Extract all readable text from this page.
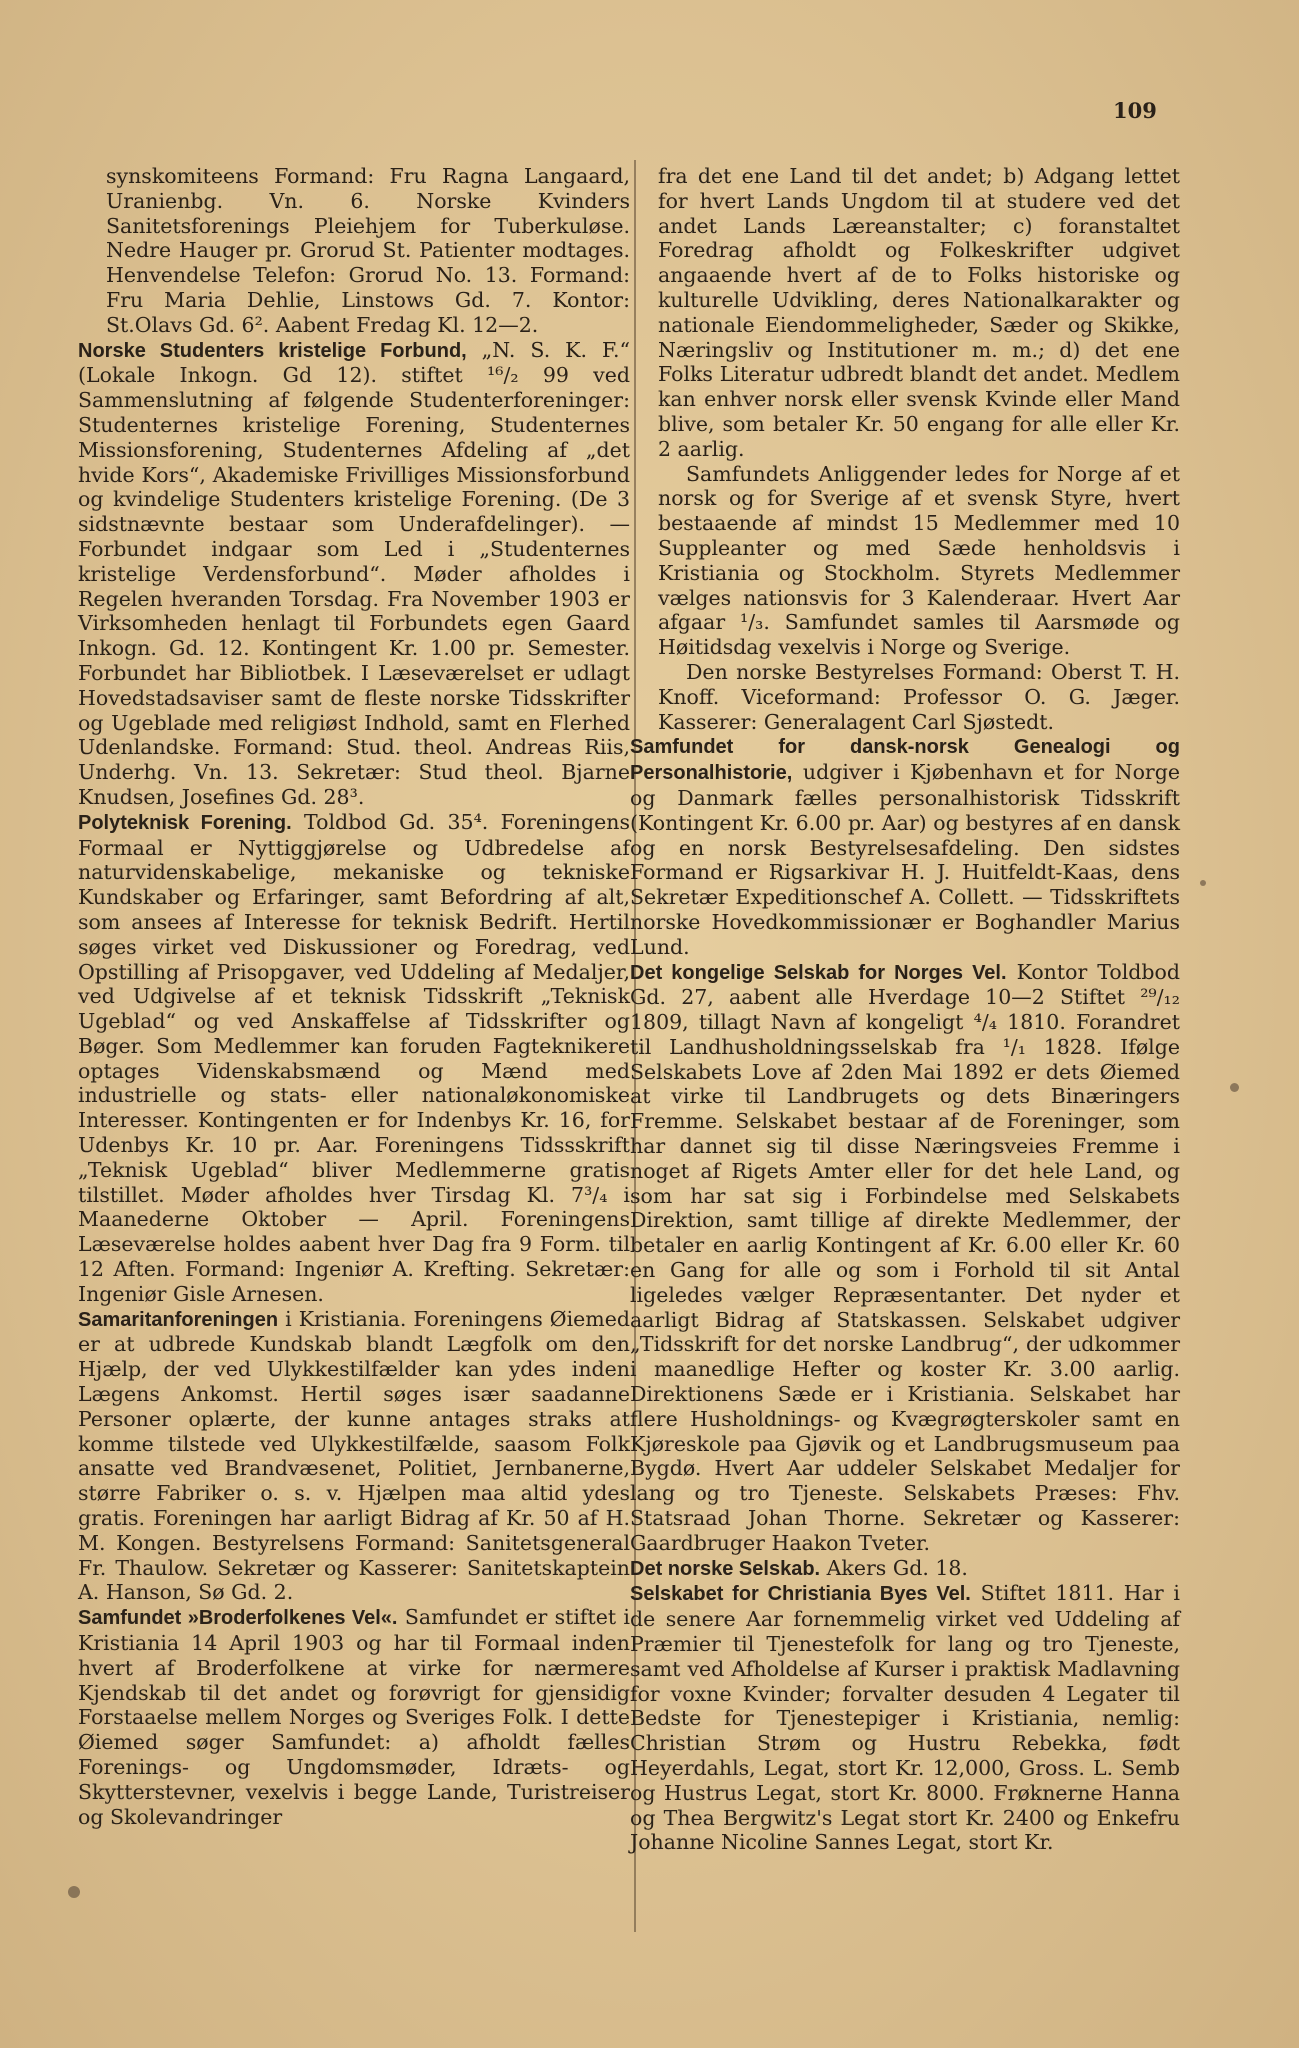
109

synskomiteens Formand: Fru Ragna Langaard, Uranienbg. Vn. 6. Norske Kvinders Sanitetsforenings Pleiehjem for Tuberkuløse. Nedre Hauger pr. Grorud St. Patienter modtages. Henvendelse Telefon: Grorud No. 13. Formand: Fru Maria Dehlie, Linstows Gd. 7. Kontor: St.Olavs Gd. 6². Aabent Fredag Kl. 12—2.

Norske Studenters kristelige Forbund, „N. S. K. F.“ (Lokale Inkogn. Gd 12). stiftet ¹⁶/₂ 99 ved Sammenslutning af følgende Studenterforeninger: Studenternes kristelige Forening, Studenternes Missionsforening, Studenternes Afdeling af „det hvide Kors“, Akademiske Frivilliges Missionsforbund og kvindelige Studenters kristelige Forening. (De 3 sidstnævnte bestaar som Underafdelinger). — Forbundet indgaar som Led i „Studenternes kristelige Verdensforbund“. Møder afholdes i Regelen hveranden Torsdag. Fra November 1903 er Virksomheden henlagt til Forbundets egen Gaard Inkogn. Gd. 12. Kontingent Kr. 1.00 pr. Semester. Forbundet har Bibliotbek. I Læseværelset er udlagt Hovedstadsaviser samt de fleste norske Tidsskrifter og Ugeblade med religiøst Indhold, samt en Flerhed Udenlandske. Formand: Stud. theol. Andreas Riis, Underhg. Vn. 13. Sekretær: Stud theol. Bjarne Knudsen, Josefines Gd. 28³.

Polyteknisk Forening. Toldbod Gd. 35⁴. Foreningens Formaal er Nyttiggjørelse og Udbredelse af naturvidenskabelige, mekaniske og tekniske Kundskaber og Erfaringer, samt Befordring af alt, som ansees af Interesse for teknisk Bedrift. Hertil søges virket ved Diskussioner og Foredrag, ved Opstilling af Prisopgaver, ved Uddeling af Medaljer, ved Udgivelse af et teknisk Tidsskrift „Teknisk Ugeblad“ og ved Anskaffelse af Tidsskrifter og Bøger. Som Medlemmer kan foruden Fagteknikere optages Videnskabsmænd og Mænd med industrielle og stats- eller nationaløkonomiske Interesser. Kontingenten er for Indenbys Kr. 16, for Udenbys Kr. 10 pr. Aar. Foreningens Tidssskrift „Teknisk Ugeblad“ bliver Medlemmerne gratis tilstillet. Møder afholdes hver Tirsdag Kl. 7³/₄ i Maanederne Oktober — April. Foreningens Læseværelse holdes aabent hver Dag fra 9 Form. til 12 Aften. Formand: Ingeniør A. Krefting. Sekretær: Ingeniør Gisle Arnesen.

Samaritanforeningen i Kristiania. Foreningens Øiemed er at udbrede Kundskab blandt Lægfolk om den Hjælp, der ved Ulykkestilfælder kan ydes inden Lægens Ankomst. Hertil søges især saadanne Personer oplærte, der kunne antages straks at komme tilstede ved Ulykkestilfælde, saasom Folk ansatte ved Brandvæsenet, Politiet, Jernbanerne, større Fabriker o. s. v. Hjælpen maa altid ydes gratis. Foreningen har aarligt Bidrag af Kr. 50 af H. M. Kongen. Bestyrelsens Formand: Sanitetsgeneral Fr. Thaulow. Sekretær og Kasserer: Sanitetskaptein A. Hanson, Sø Gd. 2.

Samfundet »Broderfolkenes Vel«. Samfundet er stiftet i Kristiania 14 April 1903 og har til Formaal inden hvert af Broderfolkene at virke for nærmere Kjendskab til det andet og forøvrigt for gjensidig Forstaaelse mellem Norges og Sveriges Folk. I dette Øiemed søger Samfundet: a) afholdt fælles Forenings- og Ungdomsmøder, Idræts- og Skytterstevner, vexelvis i begge Lande, Turistreiser og Skolevandringer

fra det ene Land til det andet; b) Adgang lettet for hvert Lands Ungdom til at studere ved det andet Lands Læreanstalter; c) foranstaltet Foredrag afholdt og Folkeskrifter udgivet angaaende hvert af de to Folks historiske og kulturelle Udvikling, deres Nationalkarakter og nationale Eiendommeligheder, Sæder og Skikke, Næringsliv og Institutioner m. m.; d) det ene Folks Literatur udbredt blandt det andet. Medlem kan enhver norsk eller svensk Kvinde eller Mand blive, som betaler Kr. 50 engang for alle eller Kr. 2 aarlig.

Samfundets Anliggender ledes for Norge af et norsk og for Sverige af et svensk Styre, hvert bestaaende af mindst 15 Medlemmer med 10 Suppleanter og med Sæde henholdsvis i Kristiania og Stockholm. Styrets Medlemmer vælges nationsvis for 3 Kalenderaar. Hvert Aar afgaar ¹/₃. Samfundet samles til Aarsmøde og Høitidsdag vexelvis i Norge og Sverige.

Den norske Bestyrelses Formand: Oberst T. H. Knoff. Viceformand: Professor O. G. Jæger. Kasserer: Generalagent Carl Sjøstedt.

Samfundet for dansk-norsk Genealogi og Personalhistorie, udgiver i Kjøbenhavn et for Norge og Danmark fælles personalhistorisk Tidsskrift (Kontingent Kr. 6.00 pr. Aar) og bestyres af en dansk og en norsk Bestyrelsesafdeling. Den sidstes Formand er Rigsarkivar H. J. Huitfeldt-Kaas, dens Sekretær Expeditionschef A. Collett. — Tidsskriftets norske Hovedkommissionær er Boghandler Marius Lund.

Det kongelige Selskab for Norges Vel. Kontor Toldbod Gd. 27, aabent alle Hverdage 10—2 Stiftet ²⁹/₁₂ 1809, tillagt Navn af kongeligt ⁴/₄ 1810. Forandret til Landhusholdningsselskab fra ¹/₁ 1828. Ifølge Selskabets Love af 2den Mai 1892 er dets Øiemed at virke til Landbrugets og dets Binæringers Fremme. Selskabet bestaar af de Foreninger, som har dannet sig til disse Næringsveies Fremme i noget af Rigets Amter eller for det hele Land, og som har sat sig i Forbindelse med Selskabets Direktion, samt tillige af direkte Medlemmer, der betaler en aarlig Kontingent af Kr. 6.00 eller Kr. 60 en Gang for alle og som i Forhold til sit Antal ligeledes vælger Repræsentanter. Det nyder et aarligt Bidrag af Statskassen. Selskabet udgiver „Tidsskrift for det norske Landbrug“, der udkommer i maanedlige Hefter og koster Kr. 3.00 aarlig. Direktionens Sæde er i Kristiania. Selskabet har flere Husholdnings- og Kvægrøgterskoler samt en Kjøreskole paa Gjøvik og et Landbrugsmuseum paa Bygdø. Hvert Aar uddeler Selskabet Medaljer for lang og tro Tjeneste. Selskabets Præses: Fhv. Statsraad Johan Thorne. Sekretær og Kasserer: Gaardbruger Haakon Tveter.

Det norske Selskab. Akers Gd. 18.

Selskabet for Christiania Byes Vel. Stiftet 1811. Har i de senere Aar fornemmelig virket ved Uddeling af Præmier til Tjenestefolk for lang og tro Tjeneste, samt ved Afholdelse af Kurser i praktisk Madlavning for voxne Kvinder; forvalter desuden 4 Legater til Bedste for Tjenestepiger i Kristiania, nemlig: Christian Strøm og Hustru Rebekka, født Heyerdahls, Legat, stort Kr. 12,000, Gross. L. Semb og Hustrus Legat, stort Kr. 8000. Frøknerne Hanna og Thea Bergwitz's Legat stort Kr. 2400 og Enkefru Johanne Nicoline Sannes Legat, stort Kr.
